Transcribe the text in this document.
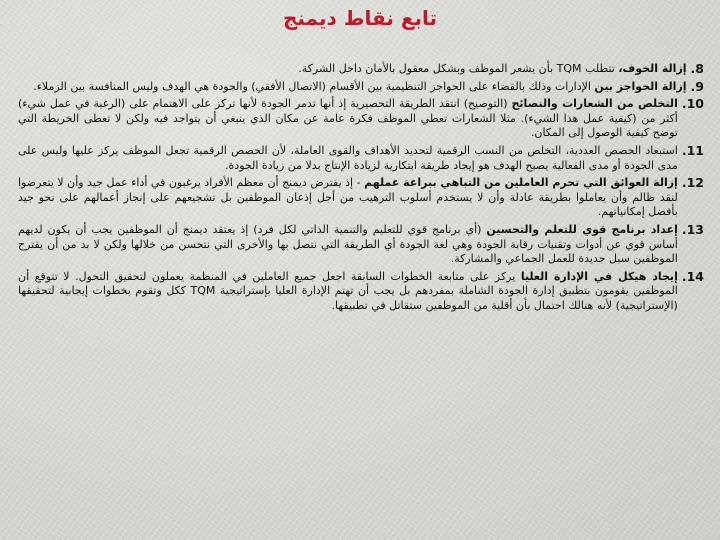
تابع نقاط ديمنج
8.
إزالة الخوف، تتطلب TQM بأن يشعر الموظف وبشكل معقول بالأمان داخل الشركة.
9.
إزالة الحواجز بين الإدارات وذلك بالقضاء على الحواجز التنظيمية بين الأقسام (الاتصال الأفقي) والجودة هي الهدف وليس المنافسة بين الزملاء.
10.
التخلص من الشعارات والنصائح (التوصيح) انتقد الطريقة التحصيرية إذ أنها تدمر الجودة لأنها تركز على الاهتمام على (الرغبة في عمل شيء) أكثر من (كيفية عمل هذا الشيء). مثلا الشعارات تعطي الموظف فكرة عامة عن مكان الذي ينبغي أن يتواجد فيه ولكن لا تعطى الخريطة التي توضح كيفية الوصول إلى المكان.
11.
استبعاد الحصص العددية، التخلص من النسب الرقمية لتحديد الأهداف والقوى العاملة، لأن الحصص الرقمية تجعل الموظف يركز عليها وليس على مدى الجودة أو مدى الفعالية يصبح الهدف هو إيجاد طريقة ابتكارية لزيادة الإنتاج بدلا من زيادة الجودة.
12.
إزالة العوائق التي تحرم العاملين من التباهي ببراعة عملهم - إذ يفترض ديمنج أن معظم الأفراد يرغبون في أداء عمل جيد وأن لا يتعرضوا لنقد ظالم وأن يعاملوا بطريقة عادلة وأن لا يستخدم أسلوب الترهيب من أجل إذعان الموظفين بل تشجيعهم على إنجاز أعمالهم على نحو جيد بأفضل إمكانياتهم.
13.
إعداد برنامج قوي للتعلم والتحسين (أي برنامج قوي للتعليم والتنمية الذاتي لكل فرد) إذ يعتقد ديمنج أن الموظفين يجب أن يكون لديهم أساس قوي عن أدوات وتقنيات رقابة الجودة وهي لغة الجودة أي الطريقة التي نتصل بها والأخرى التي نتحسن من خلالها ولكن لا بد من أن يقترح الموظفين سبل جديدة للعمل الجماعي والمشاركة.
14.
إيجاد هيكل في الإدارة العليا يركز على متابعة الخطوات السابقة اجعل جميع العاملين في المنظمة يعملون لتحقيق التحول. لا تتوقع أن الموظفين يقومون بتطبيق إدارة الجودة الشاملة بمفردهم بل يجب أن تهتم الإدارة العليا بإستراتيجية TQM ككل وتقوم بخطوات إيجابية لتحقيقها (الإستراتيجية) لأنه هنالك احتمال بأن أقلية من الموظفين ستقاتل في تطبيقها.
